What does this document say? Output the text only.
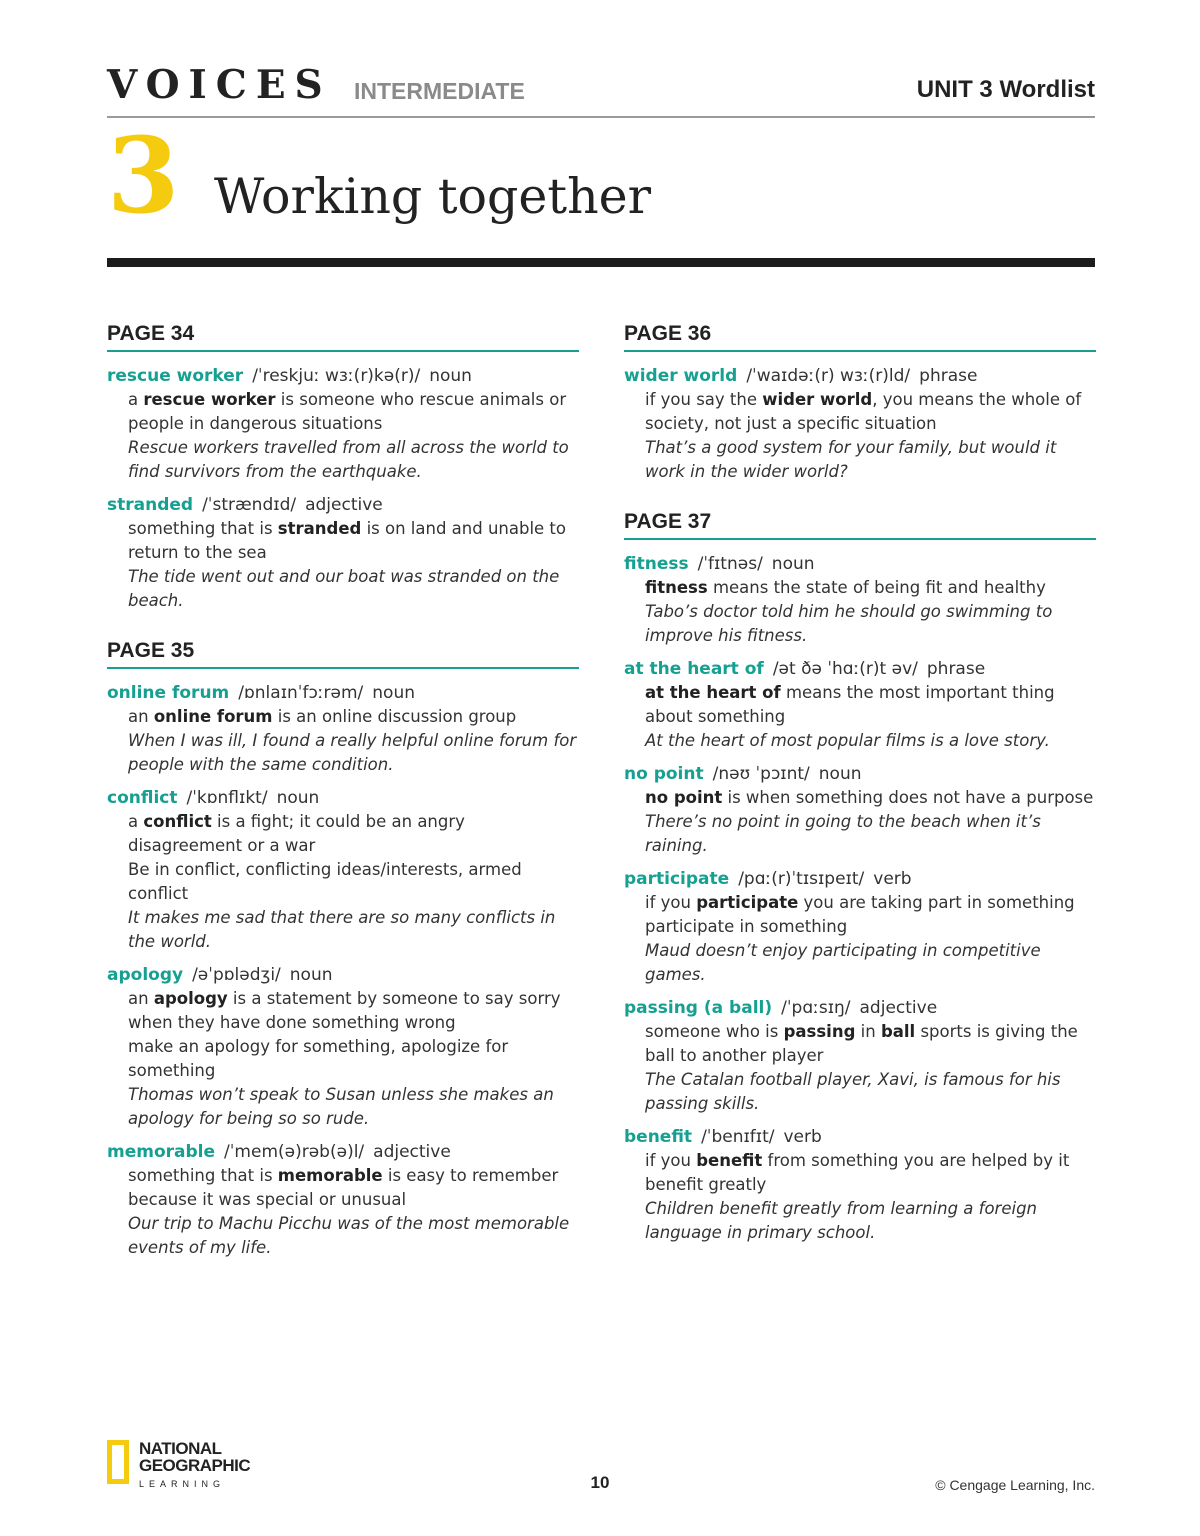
VOICES INTERMEDIATE	UNIT 3 Wordlist
3 Working together
PAGE 34
rescue worker /ˈreskjuː wɜː(r)kə(r)/ noun
a rescue worker is someone who rescue animals or people in dangerous situations
Rescue workers travelled from all across the world to find survivors from the earthquake.
stranded /ˈstrændɪd/ adjective
something that is stranded is on land and unable to return to the sea
The tide went out and our boat was stranded on the beach.
PAGE 35
online forum /ɒnlaɪnˈfɔːrəm/ noun
an online forum is an online discussion group
When I was ill, I found a really helpful online forum for people with the same condition.
conflict /ˈkɒnflɪkt/ noun
a conflict is a fight; it could be an angry disagreement or a war
Be in conflict, conflicting ideas/interests, armed conflict
It makes me sad that there are so many conflicts in the world.
apology /əˈpɒlədʒi/ noun
an apology is a statement by someone to say sorry when they have done something wrong
make an apology for something, apologize for something
Thomas won’t speak to Susan unless she makes an apology for being so so rude.
memorable /ˈmem(ə)rəb(ə)l/ adjective
something that is memorable is easy to remember because it was special or unusual
Our trip to Machu Picchu was of the most memorable events of my life.
PAGE 36
wider world /ˈwaɪdəː(r) wɜː(r)ld/ phrase
if you say the wider world, you means the whole of society, not just a specific situation
That’s a good system for your family, but would it work in the wider world?
PAGE 37
fitness /ˈfɪtnəs/ noun
fitness means the state of being fit and healthy
Tabo’s doctor told him he should go swimming to improve his fitness.
at the heart of /ət ðə ˈhɑː(r)t əv/ phrase
at the heart of means the most important thing about something
At the heart of most popular films is a love story.
no point /nəʊ ˈpɔɪnt/ noun
no point is when something does not have a purpose
There’s no point in going to the beach when it’s raining.
participate /pɑː(r)ˈtɪsɪpeɪt/ verb
if you participate you are taking part in something
participate in something
Maud doesn’t enjoy participating in competitive games.
passing (a ball) /ˈpɑːsɪŋ/ adjective
someone who is passing in ball sports is giving the ball to another player
The Catalan football player, Xavi, is famous for his passing skills.
benefit /ˈbenɪfɪt/ verb
if you benefit from something you are helped by it
benefit greatly
Children benefit greatly from learning a foreign language in primary school.
NATIONAL
GEOGRAPHIC
LEARNING	10	© Cengage Learning, Inc.
